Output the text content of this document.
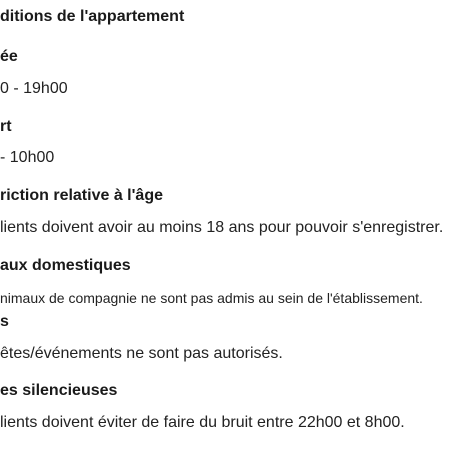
ditions de l'appartement
ée
0 - 19h00
rt
- 10h00
riction relative à l'âge
lients doivent avoir au moins 18 ans pour pouvoir s'enregistrer.
aux domestiques
nimaux de compagnie ne sont pas admis au sein de l'établissement.
s
êtes/événements ne sont pas autorisés.
es silencieuses
lients doivent éviter de faire du bruit entre 22h00 et 8h00.
